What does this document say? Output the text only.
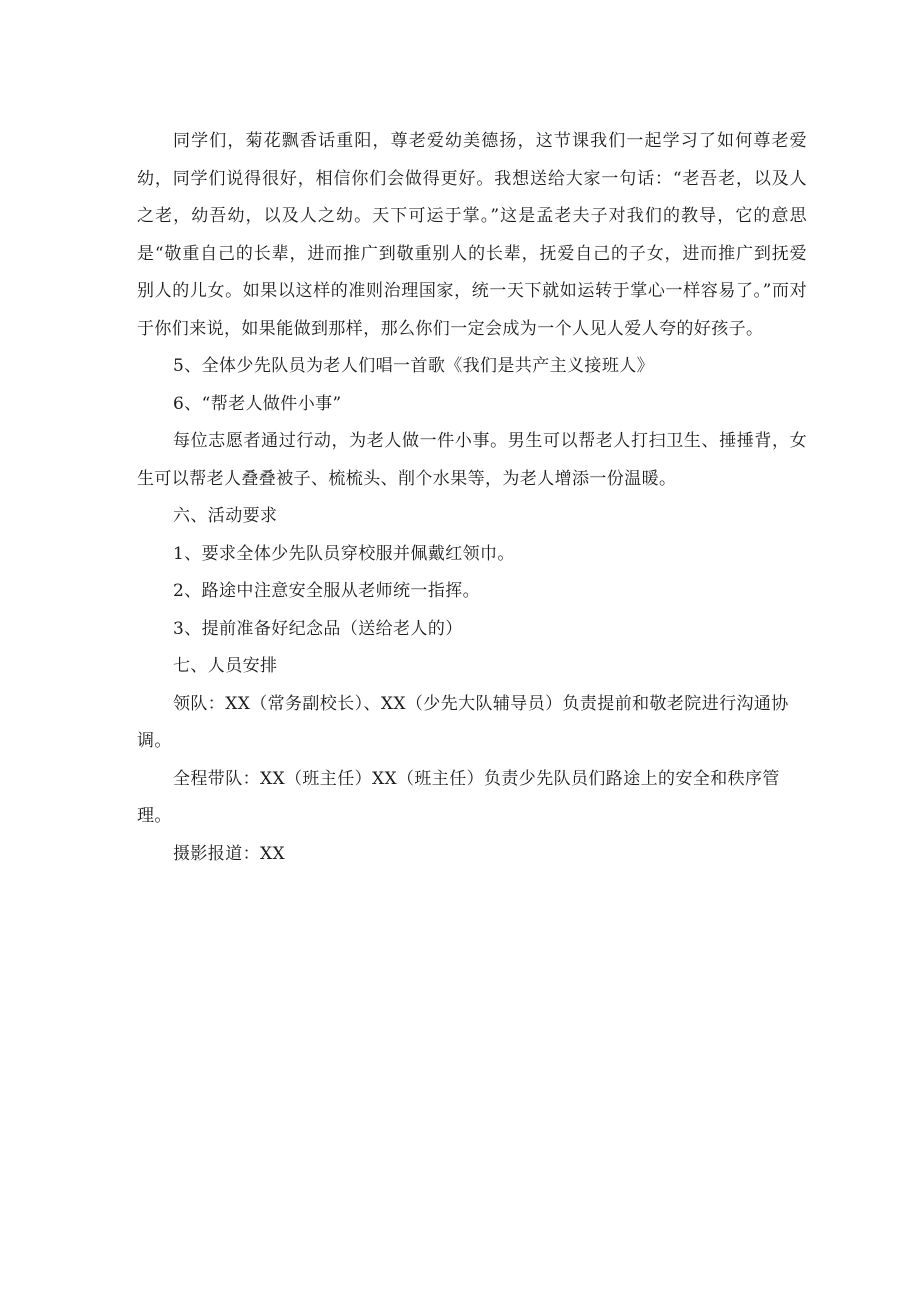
同学们，菊花飘香话重阳，尊老爱幼美德扬，这节课我们一起学习了如何尊老爱幼，同学们说得很好，相信你们会做得更好。我想送给大家一句话：“老吾老，以及人之老，幼吾幼，以及人之幼。天下可运于掌。”这是孟老夫子对我们的教导，它的意思是“敬重自己的长辈，进而推广到敬重别人的长辈，抚爱自己的子女，进而推广到抚爱别人的儿女。如果以这样的准则治理国家，统一天下就如运转于掌心一样容易了。”而对于你们来说，如果能做到那样，那么你们一定会成为一个人见人爱人夸的好孩子。

5、全体少先队员为老人们唱一首歌《我们是共产主义接班人》

6、“帮老人做件小事”

每位志愿者通过行动，为老人做一件小事。男生可以帮老人打扫卫生、捶捶背，女生可以帮老人叠叠被子、梳梳头、削个水果等，为老人增添一份温暖。

六、活动要求

1、要求全体少先队员穿校服并佩戴红领巾。

2、路途中注意安全服从老师统一指挥。

3、提前准备好纪念品（送给老人的）

七、人员安排

领队：XX（常务副校长）、XX（少先大队辅导员）负责提前和敬老院进行沟通协调。

全程带队：XX（班主任）XX（班主任）负责少先队员们路途上的安全和秩序管理。

摄影报道：XX
